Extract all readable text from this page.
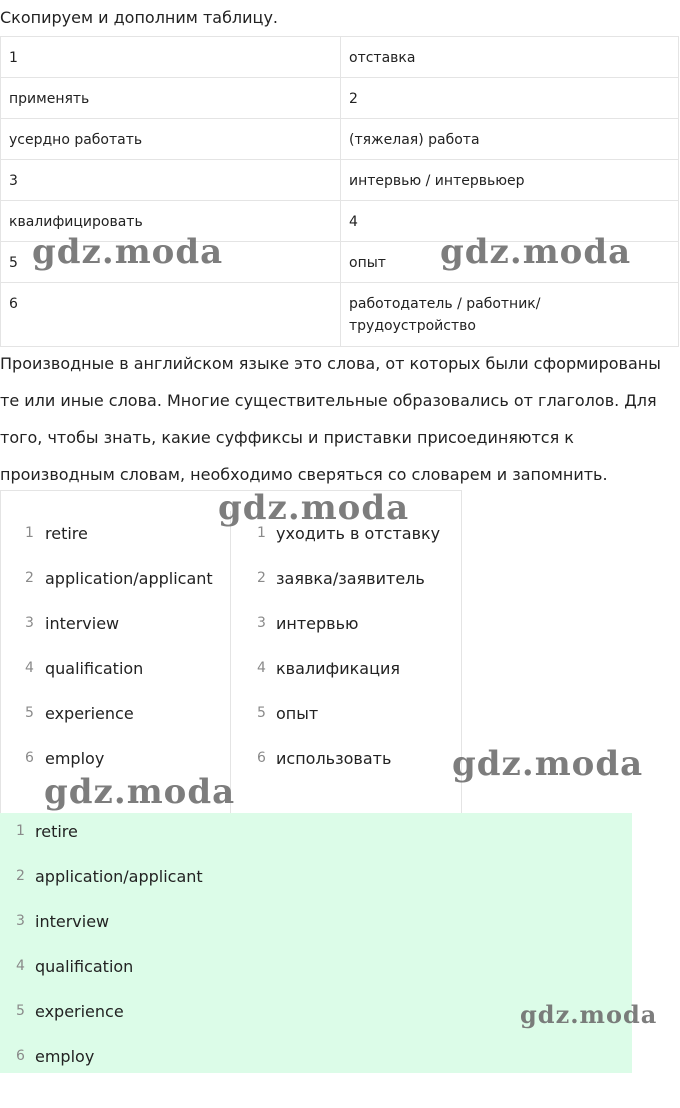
Скопируем и дополним таблицу.
1	отставка
применять	2
усердно работать	(тяжелая) работа
3	интервью / интервьюер
квалифицировать	4
5	опыт
6	работодатель / работник/ трудоустройство
Производные в английском языке это слова, от которых были сформированы те или иные слова. Многие существительные образовались от глаголов. Для того, чтобы знать, какие суффиксы и приставки присоединяются к производным словам, необходимо сверяться со словарем и запомнить.
1 retire
2 application/applicant
3 interview
4 qualification
5 experience
6 employ
1 уходить в отставку
2 заявка/заявитель
3 интервью
4 квалификация
5 опыт
6 использовать
1 retire
2 application/applicant
3 interview
4 qualification
5 experience
6 employ
gdz.moda	gdz.moda
gdz.moda
gdz.moda
gdz.moda
gdz.moda
